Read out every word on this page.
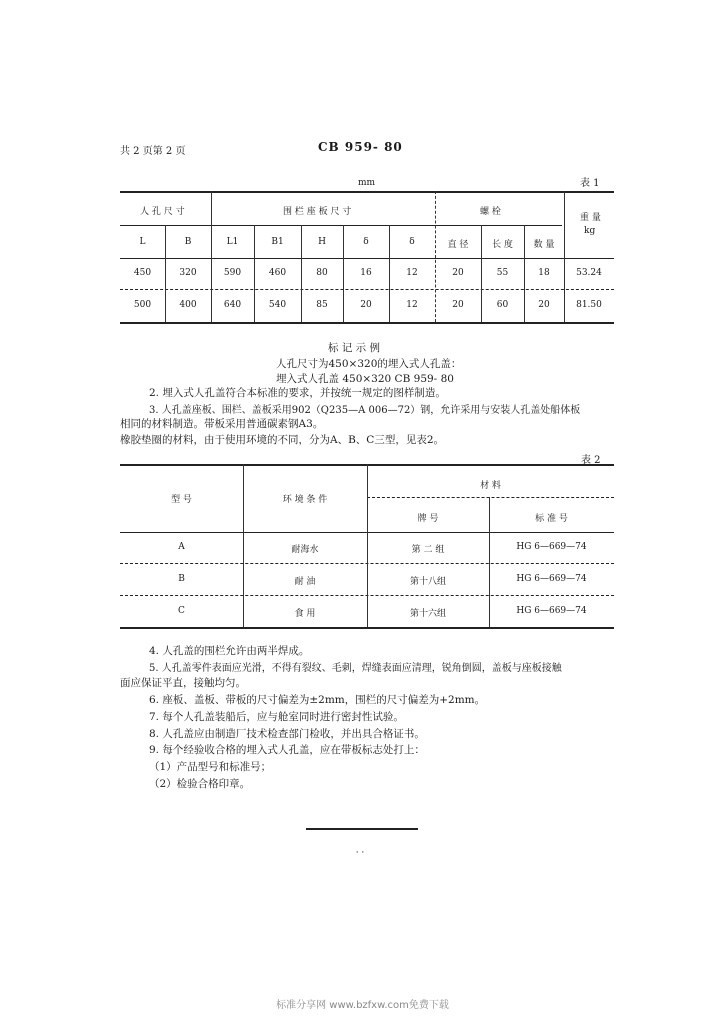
共 2 页第 2 页	CB 959- 80
mm	表 1
人 孔 尺 寸	围 栏 座 板 尺 寸	螺 栓
重 量
kg
L	B	L1	B1	H	δ	δ	直 径	长 度	数 量
450	320	590	460	80	16	12	20	55	18	53.24
500	400	640	540	85	20	12	20	60	20	81.50
标 记 示 例
人孔尺寸为450×320的埋入式人孔盖：
埋入式人孔盖 450×320 CB 959- 80
2. 埋入式人孔盖符合本标准的要求，并按统一规定的图样制造。
3. 人孔盖座板、围栏、盖板采用902（Q235—A 006—72）钢，允许采用与安装人孔盖处船体板
相同的材料制造。带板采用普通碳素钢A3。
橡胶垫圈的材料，由于使用环境的不同，分为A、B、C三型，见表2。
表 2
型 号	环 境 条 件
材 料
牌 号	标 准 号
A	耐海水	第 二 组	HG 6—669—74
B	耐 油	第十八组	HG 6—669—74
C	食 用	第十六组	HG 6—669—74
4. 人孔盖的围栏允许由两半焊成。
5. 人孔盖零件表面应光滑，不得有裂纹、毛刺，焊缝表面应清理，锐角倒圆，盖板与座板接触
面应保证平直，接触均匀。
6. 座板、盖板、带板的尺寸偏差为±2mm，围栏的尺寸偏差为+2mm。
7. 每个人孔盖装船后，应与舱室同时进行密封性试验。
8. 人孔盖应由制造厂技术检查部门检收，并出具合格证书。
9. 每个经验收合格的埋入式人孔盖，应在带板标志处打上：
（1）产品型号和标准号；
（2）检验合格印章。
· ·
标准分享网 www.bzfxw.com免费下载
